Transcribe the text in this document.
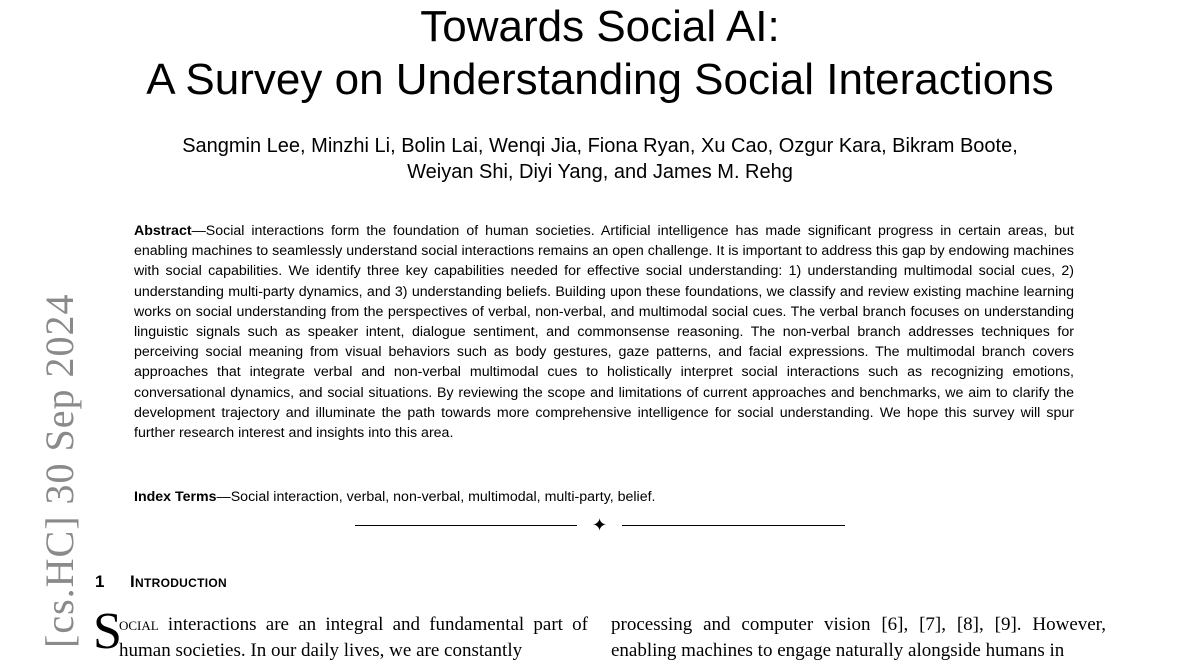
Towards Social AI:
A Survey on Understanding Social Interactions
Sangmin Lee, Minzhi Li, Bolin Lai, Wenqi Jia, Fiona Ryan, Xu Cao, Ozgur Kara, Bikram Boote,
Weiyan Shi, Diyi Yang, and James M. Rehg
Abstract—Social interactions form the foundation of human societies. Artificial intelligence has made significant progress in certain areas, but enabling machines to seamlessly understand social interactions remains an open challenge. It is important to address this gap by endowing machines with social capabilities. We identify three key capabilities needed for effective social understanding: 1) understanding multimodal social cues, 2) understanding multi-party dynamics, and 3) understanding beliefs. Building upon these foundations, we classify and review existing machine learning works on social understanding from the perspectives of verbal, non-verbal, and multimodal social cues. The verbal branch focuses on understanding linguistic signals such as speaker intent, dialogue sentiment, and commonsense reasoning. The non-verbal branch addresses techniques for perceiving social meaning from visual behaviors such as body gestures, gaze patterns, and facial expressions. The multimodal branch covers approaches that integrate verbal and non-verbal multimodal cues to holistically interpret social interactions such as recognizing emotions, conversational dynamics, and social situations. By reviewing the scope and limitations of current approaches and benchmarks, we aim to clarify the development trajectory and illuminate the path towards more comprehensive intelligence for social understanding. We hope this survey will spur further research interest and insights into this area.
Index Terms—Social interaction, verbal, non-verbal, multimodal, multi-party, belief.
✦
1 Introduction
S
ocial interactions are an integral and fundamental part of human societies. In our daily lives, we are constantly
processing and computer vision [6], [7], [8], [9]. However, enabling machines to engage naturally alongside humans in
[cs.HC] 30 Sep 2024
